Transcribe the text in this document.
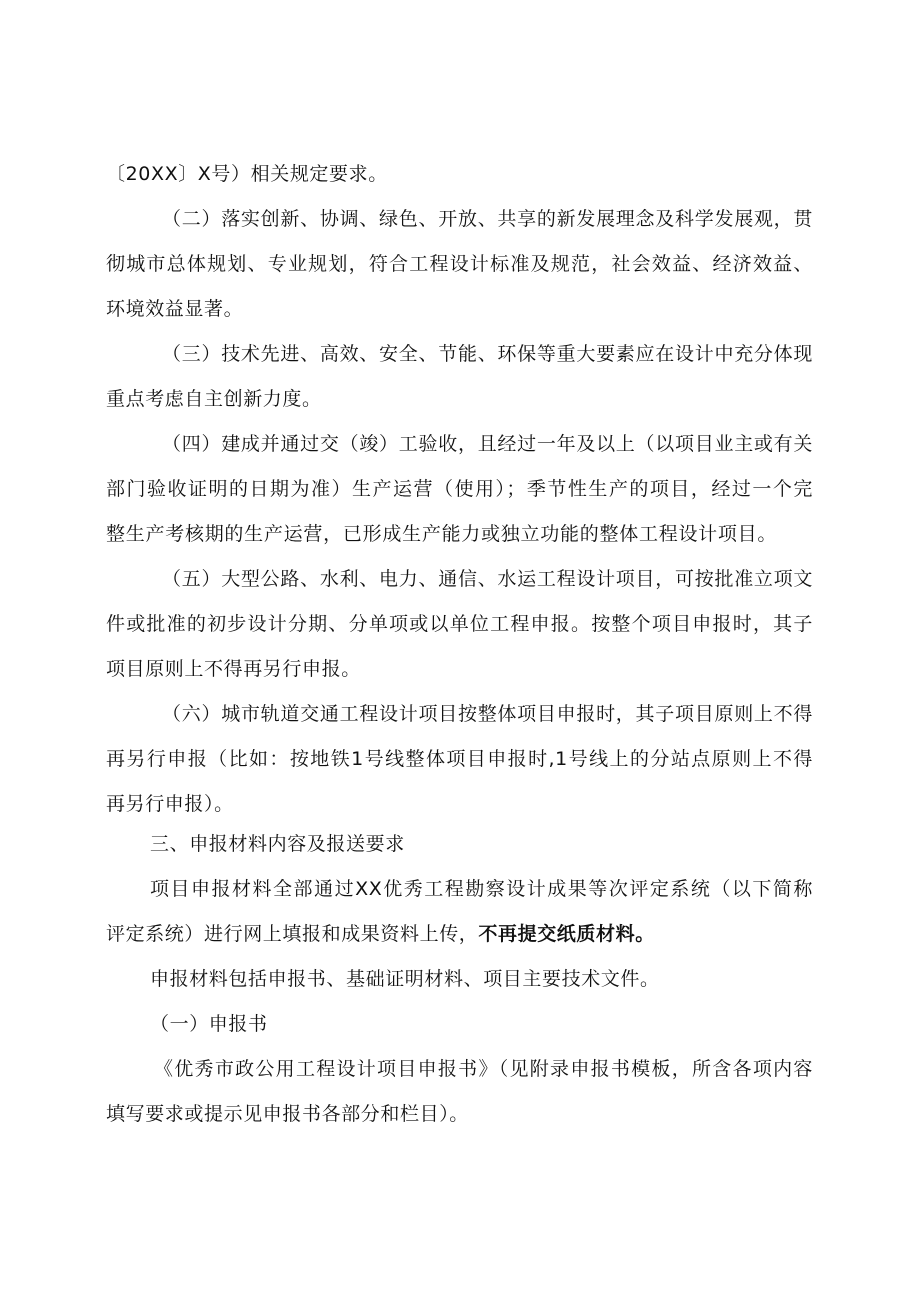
〔20XX〕X号）相关规定要求。
（二）落实创新、协调、绿色、开放、共享的新发展理念及科学发展观，贯
彻城市总体规划、专业规划，符合工程设计标准及规范，社会效益、经济效益、
环境效益显著。
（三）技术先进、高效、安全、节能、环保等重大要素应在设计中充分体现
重点考虑自主创新力度。
（四）建成并通过交（竣）工验收，且经过一年及以上（以项目业主或有关
部门验收证明的日期为准）生产运营（使用）；季节性生产的项目，经过一个完
整生产考核期的生产运营，已形成生产能力或独立功能的整体工程设计项目。
（五）大型公路、水利、电力、通信、水运工程设计项目，可按批准立项文
件或批准的初步设计分期、分单项或以单位工程申报。按整个项目申报时，其子
项目原则上不得再另行申报。
（六）城市轨道交通工程设计项目按整体项目申报时，其子项目原则上不得
再另行申报（比如：按地铁1号线整体项目申报时,1号线上的分站点原则上不得
再另行申报）。
三、申报材料内容及报送要求
项目申报材料全部通过XX优秀工程勘察设计成果等次评定系统（以下简称
评定系统）进行网上填报和成果资料上传，不再提交纸质材料。
申报材料包括申报书、基础证明材料、项目主要技术文件。
（一）申报书
《优秀市政公用工程设计项目申报书》（见附录申报书模板，所含各项内容
填写要求或提示见申报书各部分和栏目）。
